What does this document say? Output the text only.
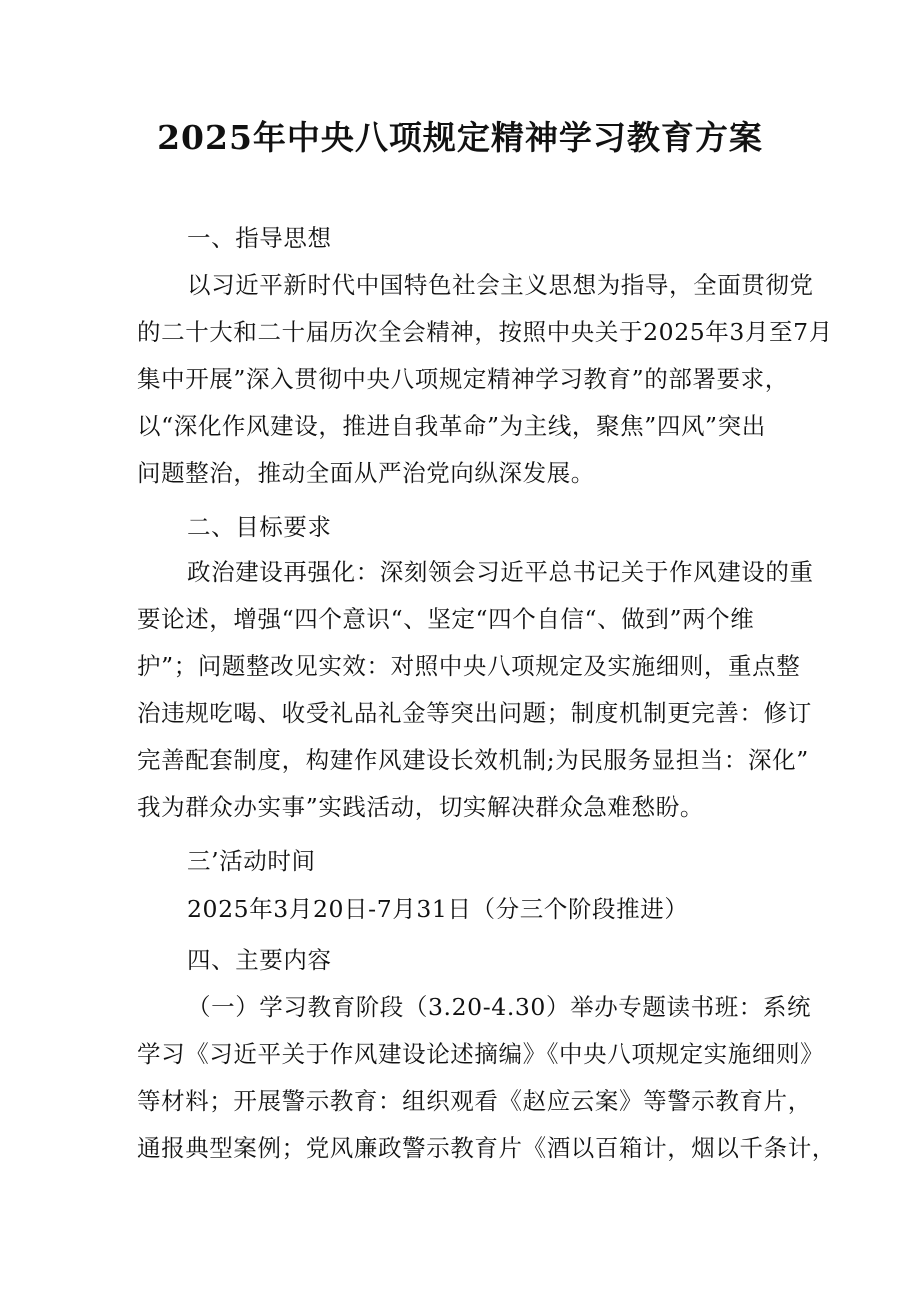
2025年中央八项规定精神学习教育方案
一、指导思想
以习近平新时代中国特色社会主义思想为指导，全面贯彻党
的二十大和二十届历次全会精神，按照中央关于2025年3月至7月
集中开展”深入贯彻中央八项规定精神学习教育”的部署要求，
以“深化作风建设，推进自我革命”为主线，聚焦”四风”突出
问题整治，推动全面从严治党向纵深发展。
二、目标要求
政治建设再强化：深刻领会习近平总书记关于作风建设的重
要论述，增强“四个意识“、坚定“四个自信“、做到”两个维
护”；问题整改见实效：对照中央八项规定及实施细则，重点整
治违规吃喝、收受礼品礼金等突出问题；制度机制更完善：修订
完善配套制度，构建作风建设长效机制;为民服务显担当：深化”
我为群众办实事”实践活动，切实解决群众急难愁盼。
三’活动时间
2025年3月20日-7月31日（分三个阶段推进）
四、主要内容
（一）学习教育阶段（3.20-4.30）举办专题读书班：系统
学习《习近平关于作风建设论述摘编》《中央八项规定实施细则》
等材料；开展警示教育：组织观看《赵应云案》等警示教育片，
通报典型案例；党风廉政警示教育片《酒以百箱计，烟以千条计，
